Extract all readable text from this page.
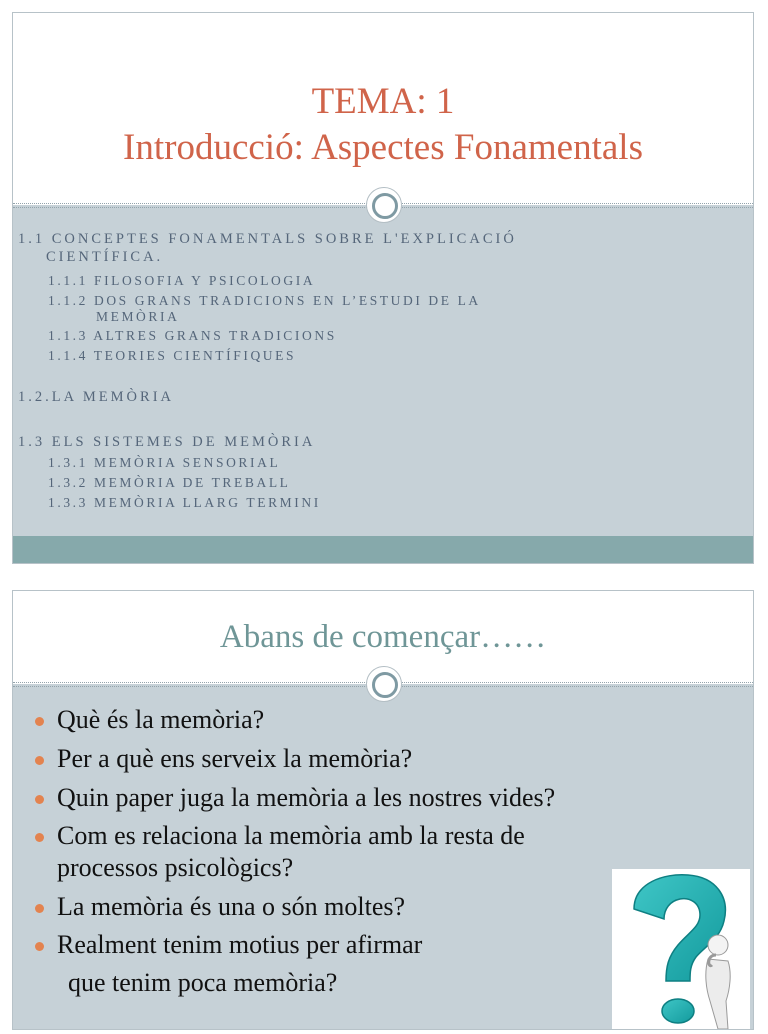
TEMA: 1
Introducció: Aspectes Fonamentals
1.1 CONCEPTES FONAMENTALS SOBRE L'EXPLICACIÓ
CIENTÍFICA.
1.1.1 FILOSOFIA Y PSICOLOGIA
1.1.2 DOS GRANS TRADICIONS EN L’ESTUDI DE LA
MEMÒRIA
1.1.3 ALTRES GRANS TRADICIONS
1.1.4 TEORIES CIENTÍFIQUES
1.2.LA MEMÒRIA
1.3 ELS SISTEMES DE MEMÒRIA
1.3.1 MEMÒRIA SENSORIAL
1.3.2 MEMÒRIA DE TREBALL
1.3.3 MEMÒRIA LLARG TERMINI
Abans de començar……
Què és la memòria?
Per a què ens serveix la memòria?
Quin paper juga la memòria a les nostres vides?
Com es relaciona la memòria amb la resta de
processos psicològics?
La memòria és una o són moltes?
Realment tenim motius per afirmar
que tenim poca memòria?
